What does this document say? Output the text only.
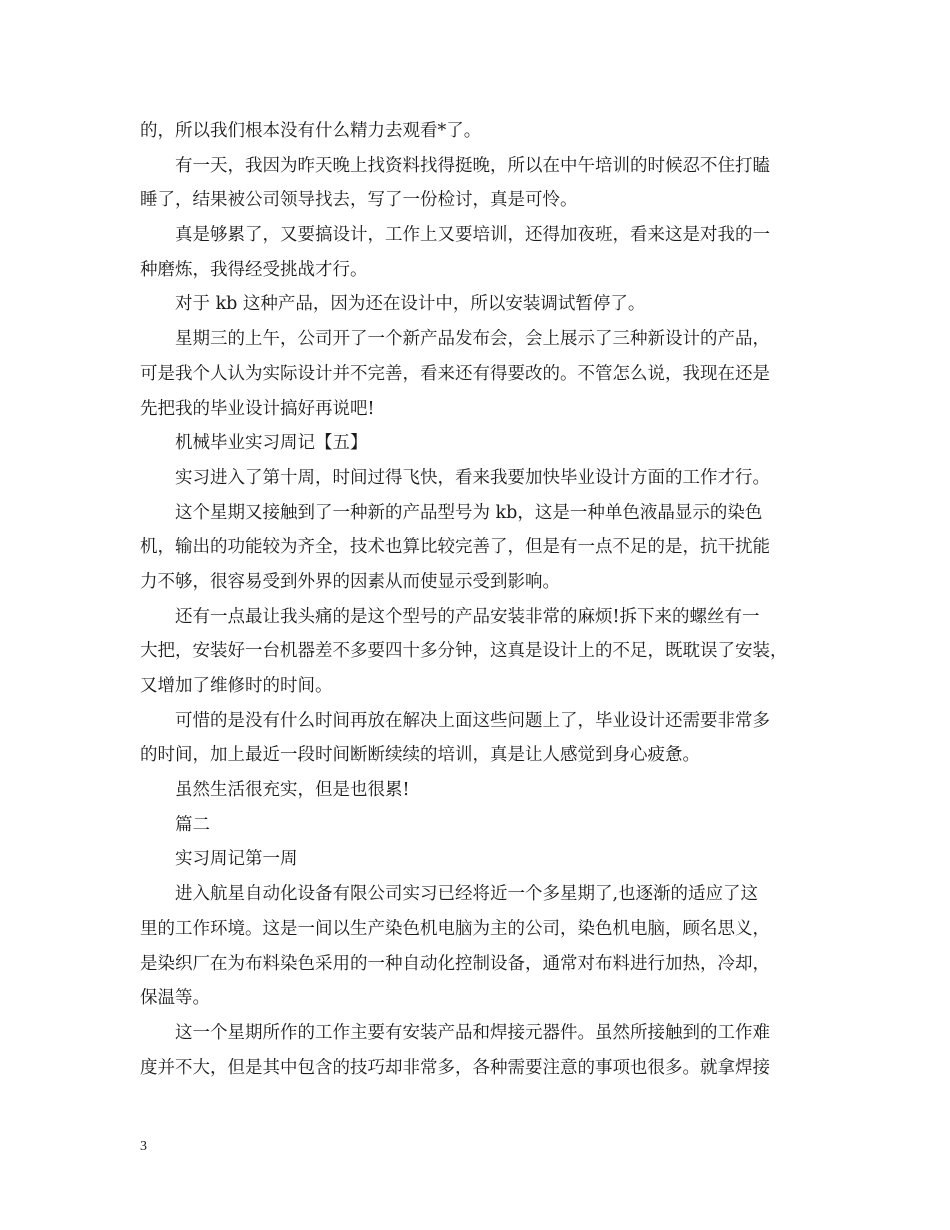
的，所以我们根本没有什么精力去观看*了。
有一天，我因为昨天晚上找资料找得挺晚，所以在中午培训的时候忍不住打瞌
睡了，结果被公司领导找去，写了一份检讨，真是可怜。
真是够累了，又要搞设计，工作上又要培训，还得加夜班，看来这是对我的一
种磨炼，我得经受挑战才行。
对于 kb 这种产品，因为还在设计中，所以安装调试暂停了。
星期三的上午，公司开了一个新产品发布会，会上展示了三种新设计的产品，
可是我个人认为实际设计并不完善，看来还有得要改的。不管怎么说，我现在还是
先把我的毕业设计搞好再说吧!
机械毕业实习周记【五】
实习进入了第十周，时间过得飞快，看来我要加快毕业设计方面的工作才行。
这个星期又接触到了一种新的产品型号为 kb，这是一种单色液晶显示的染色
机，输出的功能较为齐全，技术也算比较完善了，但是有一点不足的是，抗干扰能
力不够，很容易受到外界的因素从而使显示受到影响。
还有一点最让我头痛的是这个型号的产品安装非常的麻烦!拆下来的螺丝有一
大把，安装好一台机器差不多要四十多分钟，这真是设计上的不足，既耽误了安装，
又增加了维修时的时间。
可惜的是没有什么时间再放在解决上面这些问题上了，毕业设计还需要非常多
的时间，加上最近一段时间断断续续的培训，真是让人感觉到身心疲惫。
虽然生活很充实，但是也很累!
篇二
实习周记第一周
进入航星自动化设备有限公司实习已经将近一个多星期了,也逐渐的适应了这
里的工作环境。这是一间以生产染色机电脑为主的公司，染色机电脑，顾名思义，
是染织厂在为布料染色采用的一种自动化控制设备，通常对布料进行加热，冷却，
保温等。
这一个星期所作的工作主要有安装产品和焊接元器件。虽然所接触到的工作难
度并不大，但是其中包含的技巧却非常多，各种需要注意的事项也很多。就拿焊接
3
